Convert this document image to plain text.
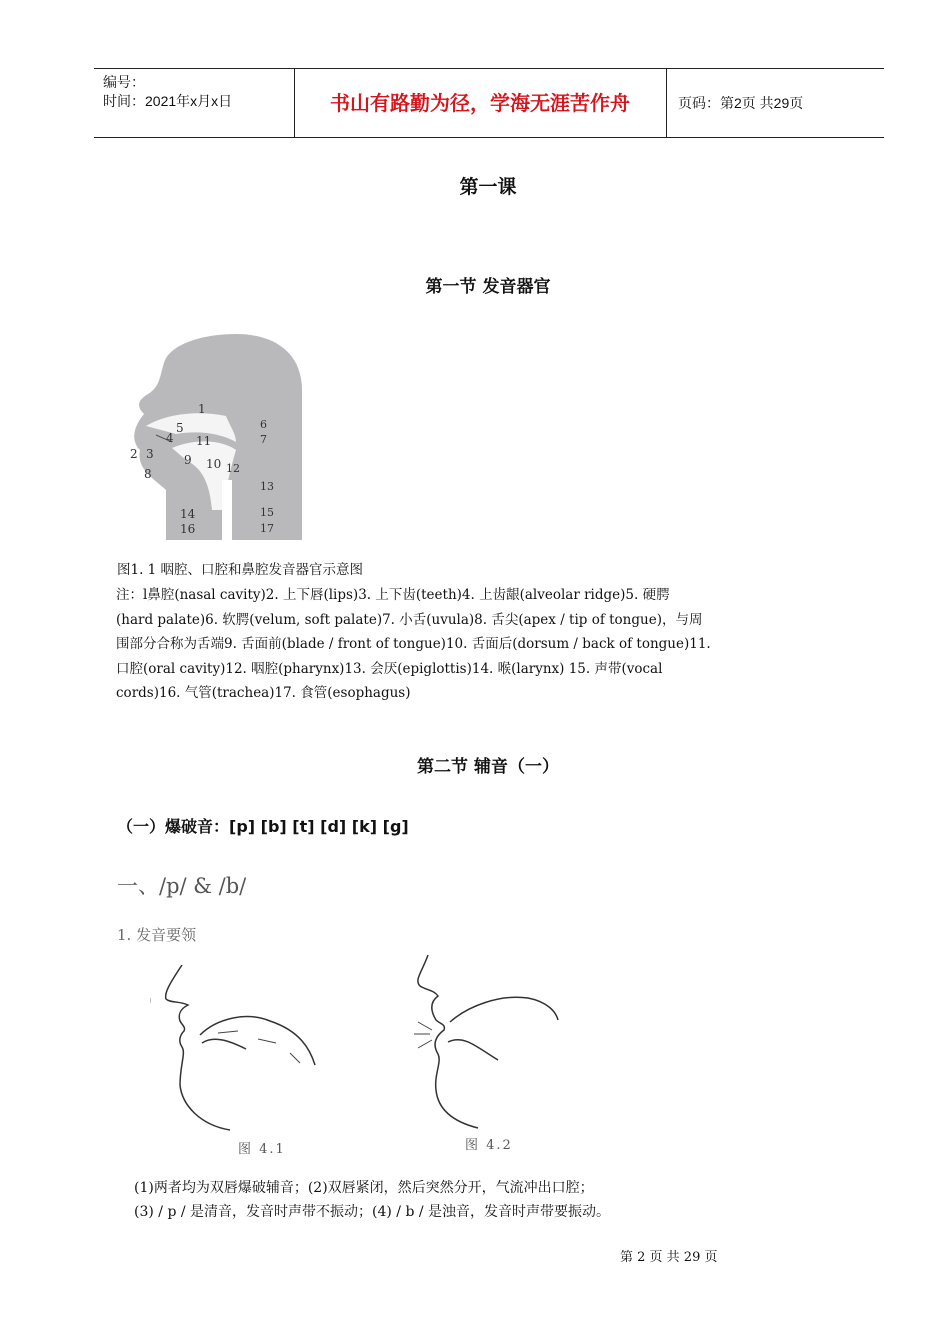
编号：
时间：2021年x月x日	书山有路勤为径，学海无涯苦作舟	页码：第2页 共29页
第一课
第一节 发音器官
1
2 3
4
5	6
7
8
9 10
11
12
13
14	15
16	17
图1. 1 咽腔、口腔和鼻腔发音器官示意图
注：l鼻腔(nasal cavity)2. 上下唇(lips)3. 上下齿(teeth)4. 上齿龈(alveolar ridge)5. 硬腭
(hard palate)6. 软腭(velum, soft palate)7. 小舌(uvula)8. 舌尖(apex / tip of tongue)，与周
围部分合称为舌端9. 舌面前(blade / front of tongue)10. 舌面后(dorsum / back of tongue)11.
口腔(oral cavity)12. 咽腔(pharynx)13. 会厌(epiglottis)14. 喉(larynx) 15. 声带(vocal
cords)16. 气管(trachea)17. 食管(esophagus)
第二节 辅音（一）
（一）爆破音：[p] [b] [t] [d] [k] [g]
一、/p/ & /b/
1. 发音要领
图 4.1	图 4.2
(1)两者均为双唇爆破辅音；(2)双唇紧闭，然后突然分开，气流冲出口腔；
(3) / p / 是清音，发音时声带不振动；(4) / b / 是浊音，发音时声带要振动。
第 2 页 共 29 页
